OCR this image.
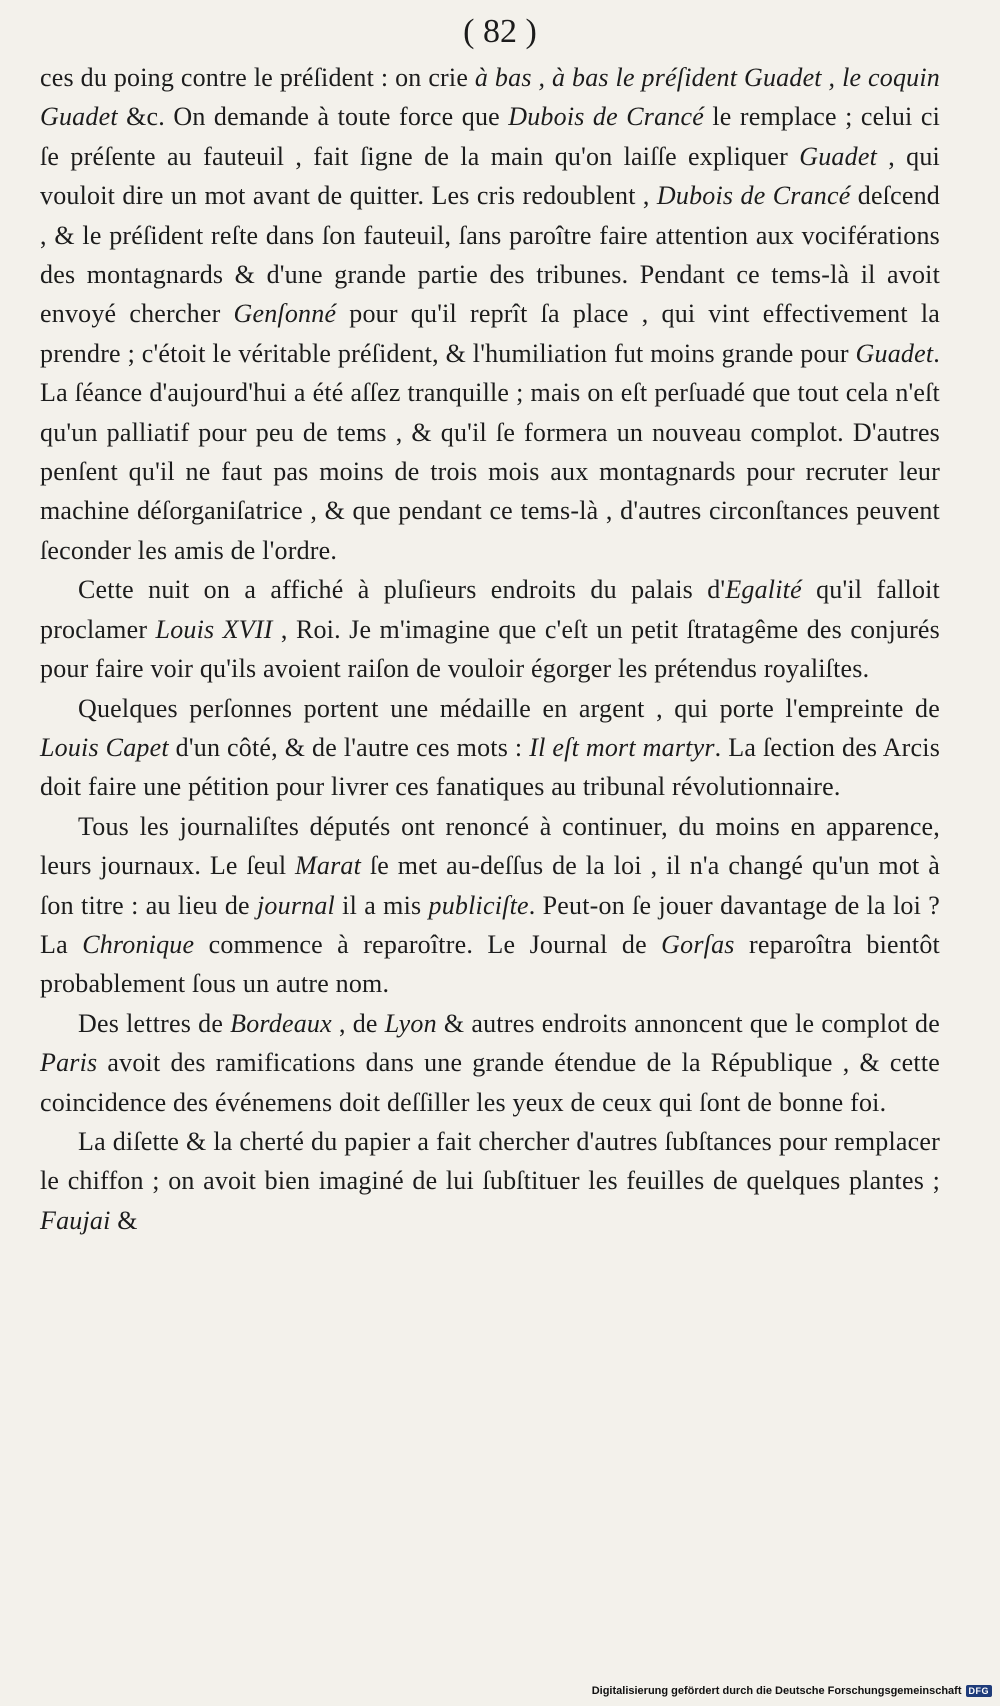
( 82 )

ces du poing contre le préſident : on crie à bas , à bas le préſident Guadet , le coquin Guadet &c. On demande à toute force que Dubois de Crancé le remplace ; celui ci ſe préſente au fauteuil , fait ſigne de la main qu'on laiſſe expliquer Guadet , qui vouloit dire un mot avant de quitter. Les cris redoublent , Dubois de Crancé deſcend , & le préſident reſte dans ſon fauteuil, ſans paroître faire attention aux vociférations des montagnards & d'une grande partie des tribunes. Pendant ce tems-là il avoit envoyé chercher Genſonné pour qu'il reprît ſa place , qui vint effectivement la prendre ; c'étoit le véritable préſident, & l'humiliation fut moins grande pour Guadet. La ſéance d'aujourd'hui a été aſſez tranquille ; mais on eſt perſuadé que tout cela n'eſt qu'un palliatif pour peu de tems , & qu'il ſe formera un nouveau complot. D'autres penſent qu'il ne faut pas moins de trois mois aux montagnards pour recruter leur machine déſorganiſatrice , & que pendant ce tems-là , d'autres circonſtances peuvent ſeconder les amis de l'ordre.

Cette nuit on a affiché à pluſieurs endroits du palais d'Egalité qu'il falloit proclamer Louis XVII , Roi. Je m'imagine que c'eſt un petit ſtratagême des conjurés pour faire voir qu'ils avoient raiſon de vouloir égorger les prétendus royaliſtes.

Quelques perſonnes portent une médaille en argent , qui porte l'empreinte de Louis Capet d'un côté, & de l'autre ces mots : Il eſt mort martyr. La ſection des Arcis doit faire une pétition pour livrer ces fanatiques au tribunal révolutionnaire.

Tous les journaliſtes députés ont renoncé à continuer, du moins en apparence, leurs journaux. Le ſeul Marat ſe met au-deſſus de la loi , il n'a changé qu'un mot à ſon titre : au lieu de journal il a mis publiciſte. Peut-on ſe jouer davantage de la loi ? La Chronique commence à reparoître. Le Journal de Gorſas reparoîtra bientôt probablement ſous un autre nom.

Des lettres de Bordeaux , de Lyon & autres endroits annoncent que le complot de Paris avoit des ramifications dans une grande étendue de la République , & cette coincidence des événemens doit deſſiller les yeux de ceux qui ſont de bonne foi.

La diſette & la cherté du papier a fait chercher d'autres ſubſtances pour remplacer le chiffon ; on avoit bien imaginé de lui ſubſtituer les feuilles de quelques plantes ; Faujai &

Digitalisierung gefördert durch die Deutsche Forschungsgemeinschaft DFG
